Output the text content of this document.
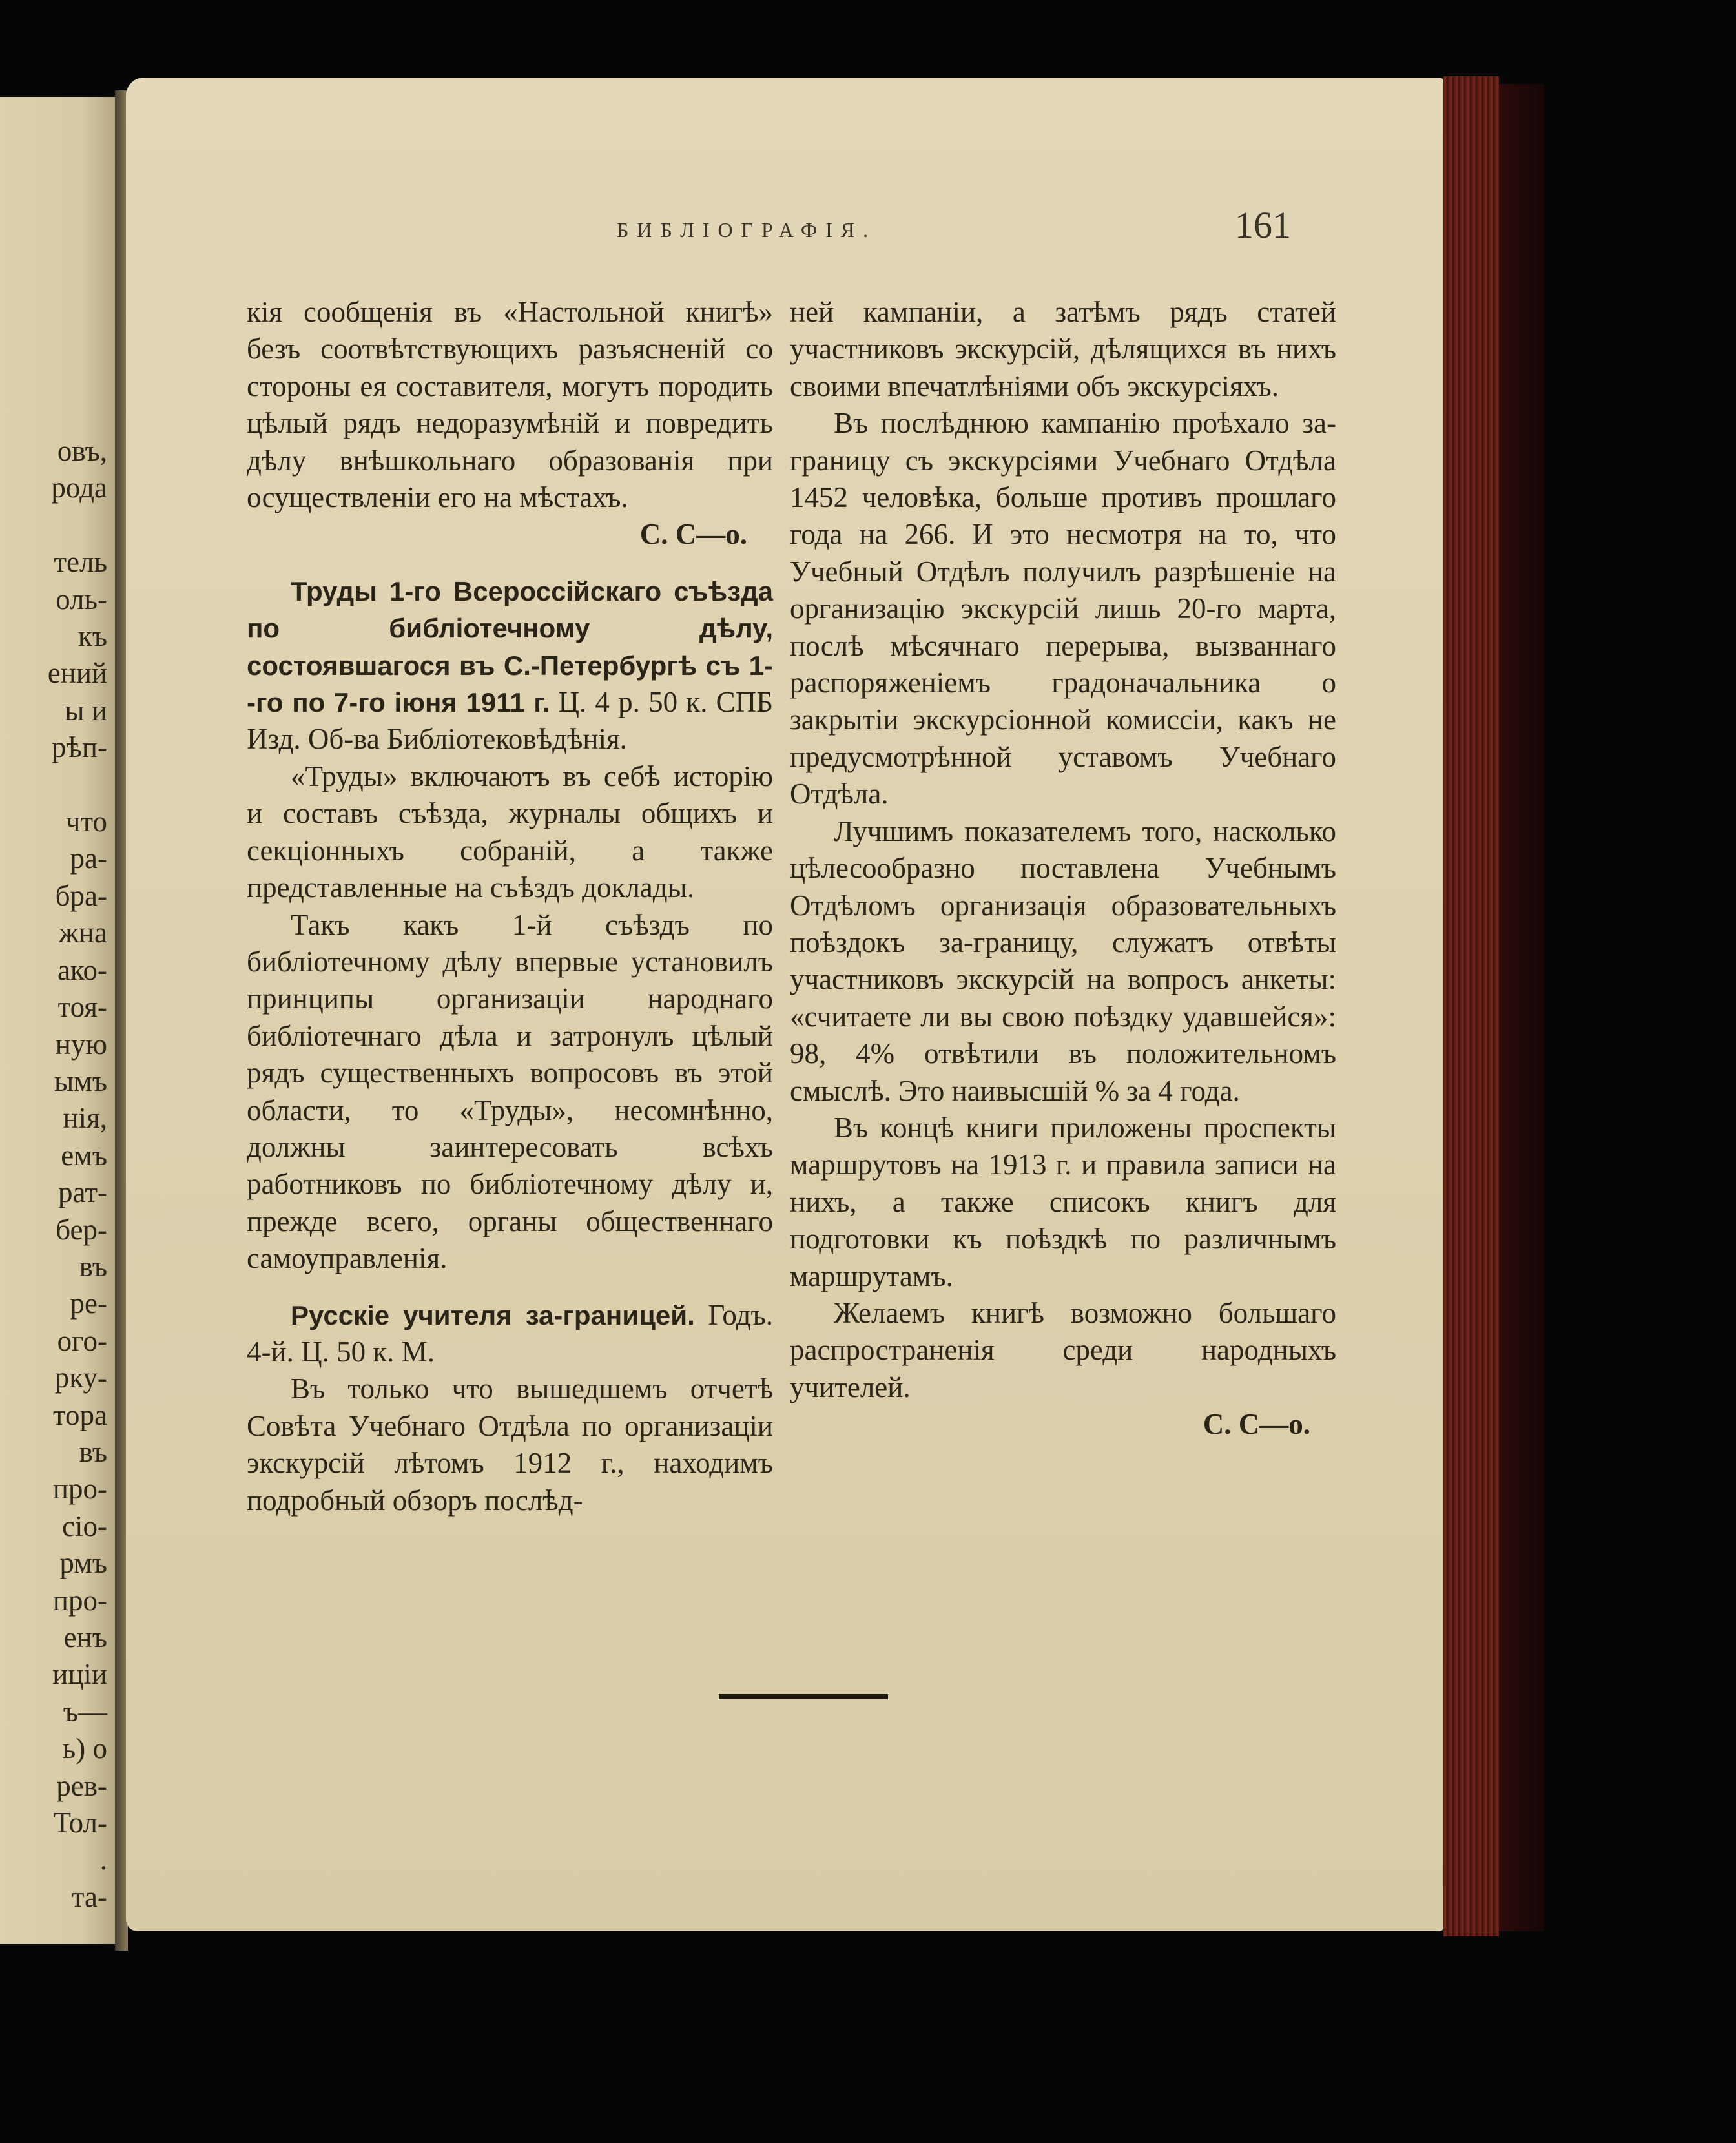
овъ,
рода

тель
оль-
къ
ений
ы и
рѣп-

что
ра-
бра-
жна
ако-
тоя-
ную
ымъ
нія,
емъ
рат-
бер-
въ
ре-
ого-
рку-
тора
въ
про-
сіо-
рмъ
про-
енъ
иціи
ъ—
ь) о
рев-
Тол-
.
та-
БИБЛІОГРАФІЯ.	161

кія сообщенія въ «Настольной книгѣ» безъ соотвѣтствующихъ разъясненій со стороны ея составителя, могутъ породить цѣлый рядъ недоразумѣній и повредить дѣлу внѣшкольнаго образованія при осуществленіи его на мѣстахъ.

С. С—о.

Труды 1-го Всероссійскаго съѣзда по библіотечному дѣлу, состоявшагося въ С.-Петербургѣ съ 1--го по 7-го іюня 1911 г. Ц. 4 р. 50 к. СПБ Изд. Об-ва Библіотековѣдѣнія.

«Труды» включаютъ въ себѣ исторію и составъ съѣзда, журналы общихъ и секціонныхъ собраній, а также представленные на съѣздъ доклады.

Такъ какъ 1-й съѣздъ по библіотечному дѣлу впервые установилъ принципы организаціи народнаго библіотечнаго дѣла и затронулъ цѣлый рядъ существенныхъ вопросовъ въ этой области, то «Труды», несомнѣнно, должны заинтересовать всѣхъ работниковъ по библіотечному дѣлу и, прежде всего, органы общественнаго самоуправленія.

Русскіе учителя за-границей. Годъ. 4-й. Ц. 50 к. М.

Въ только что вышедшемъ отчетѣ Совѣта Учебнаго Отдѣла по организаціи экскурсій лѣтомъ 1912 г., находимъ подробный обзоръ послѣд-

ней кампаніи, а затѣмъ рядъ статей участниковъ экскурсій, дѣлящихся въ нихъ своими впечатлѣніями объ экскурсіяхъ.

Въ послѣднюю кампанію проѣхало за-границу съ экскурсіями Учебнаго Отдѣла 1452 человѣка, больше противъ прошлаго года на 266. И это несмотря на то, что Учебный Отдѣлъ получилъ разрѣшеніе на организацію экскурсій лишь 20-го марта, послѣ мѣсячнаго перерыва, вызваннаго распоряженіемъ градоначальника о закрытіи экскурсіонной комиссіи, какъ не предусмотрѣнной уставомъ Учебнаго Отдѣла.

Лучшимъ показателемъ того, насколько цѣлесообразно поставлена Учебнымъ Отдѣломъ организація образовательныхъ поѣздокъ за-границу, служатъ отвѣты участниковъ экскурсій на вопросъ анкеты: «считаете ли вы свою поѣздку удавшейся»: 98, 4% отвѣтили въ положительномъ смыслѣ. Это наивысшій % за 4 года.

Въ концѣ книги приложены проспекты маршрутовъ на 1913 г. и правила записи на нихъ, а также списокъ книгъ для подготовки къ поѣздкѣ по различнымъ маршрутамъ.

Желаемъ книгѣ возможно большаго распространенія среди народныхъ учителей.

С. С—о.
